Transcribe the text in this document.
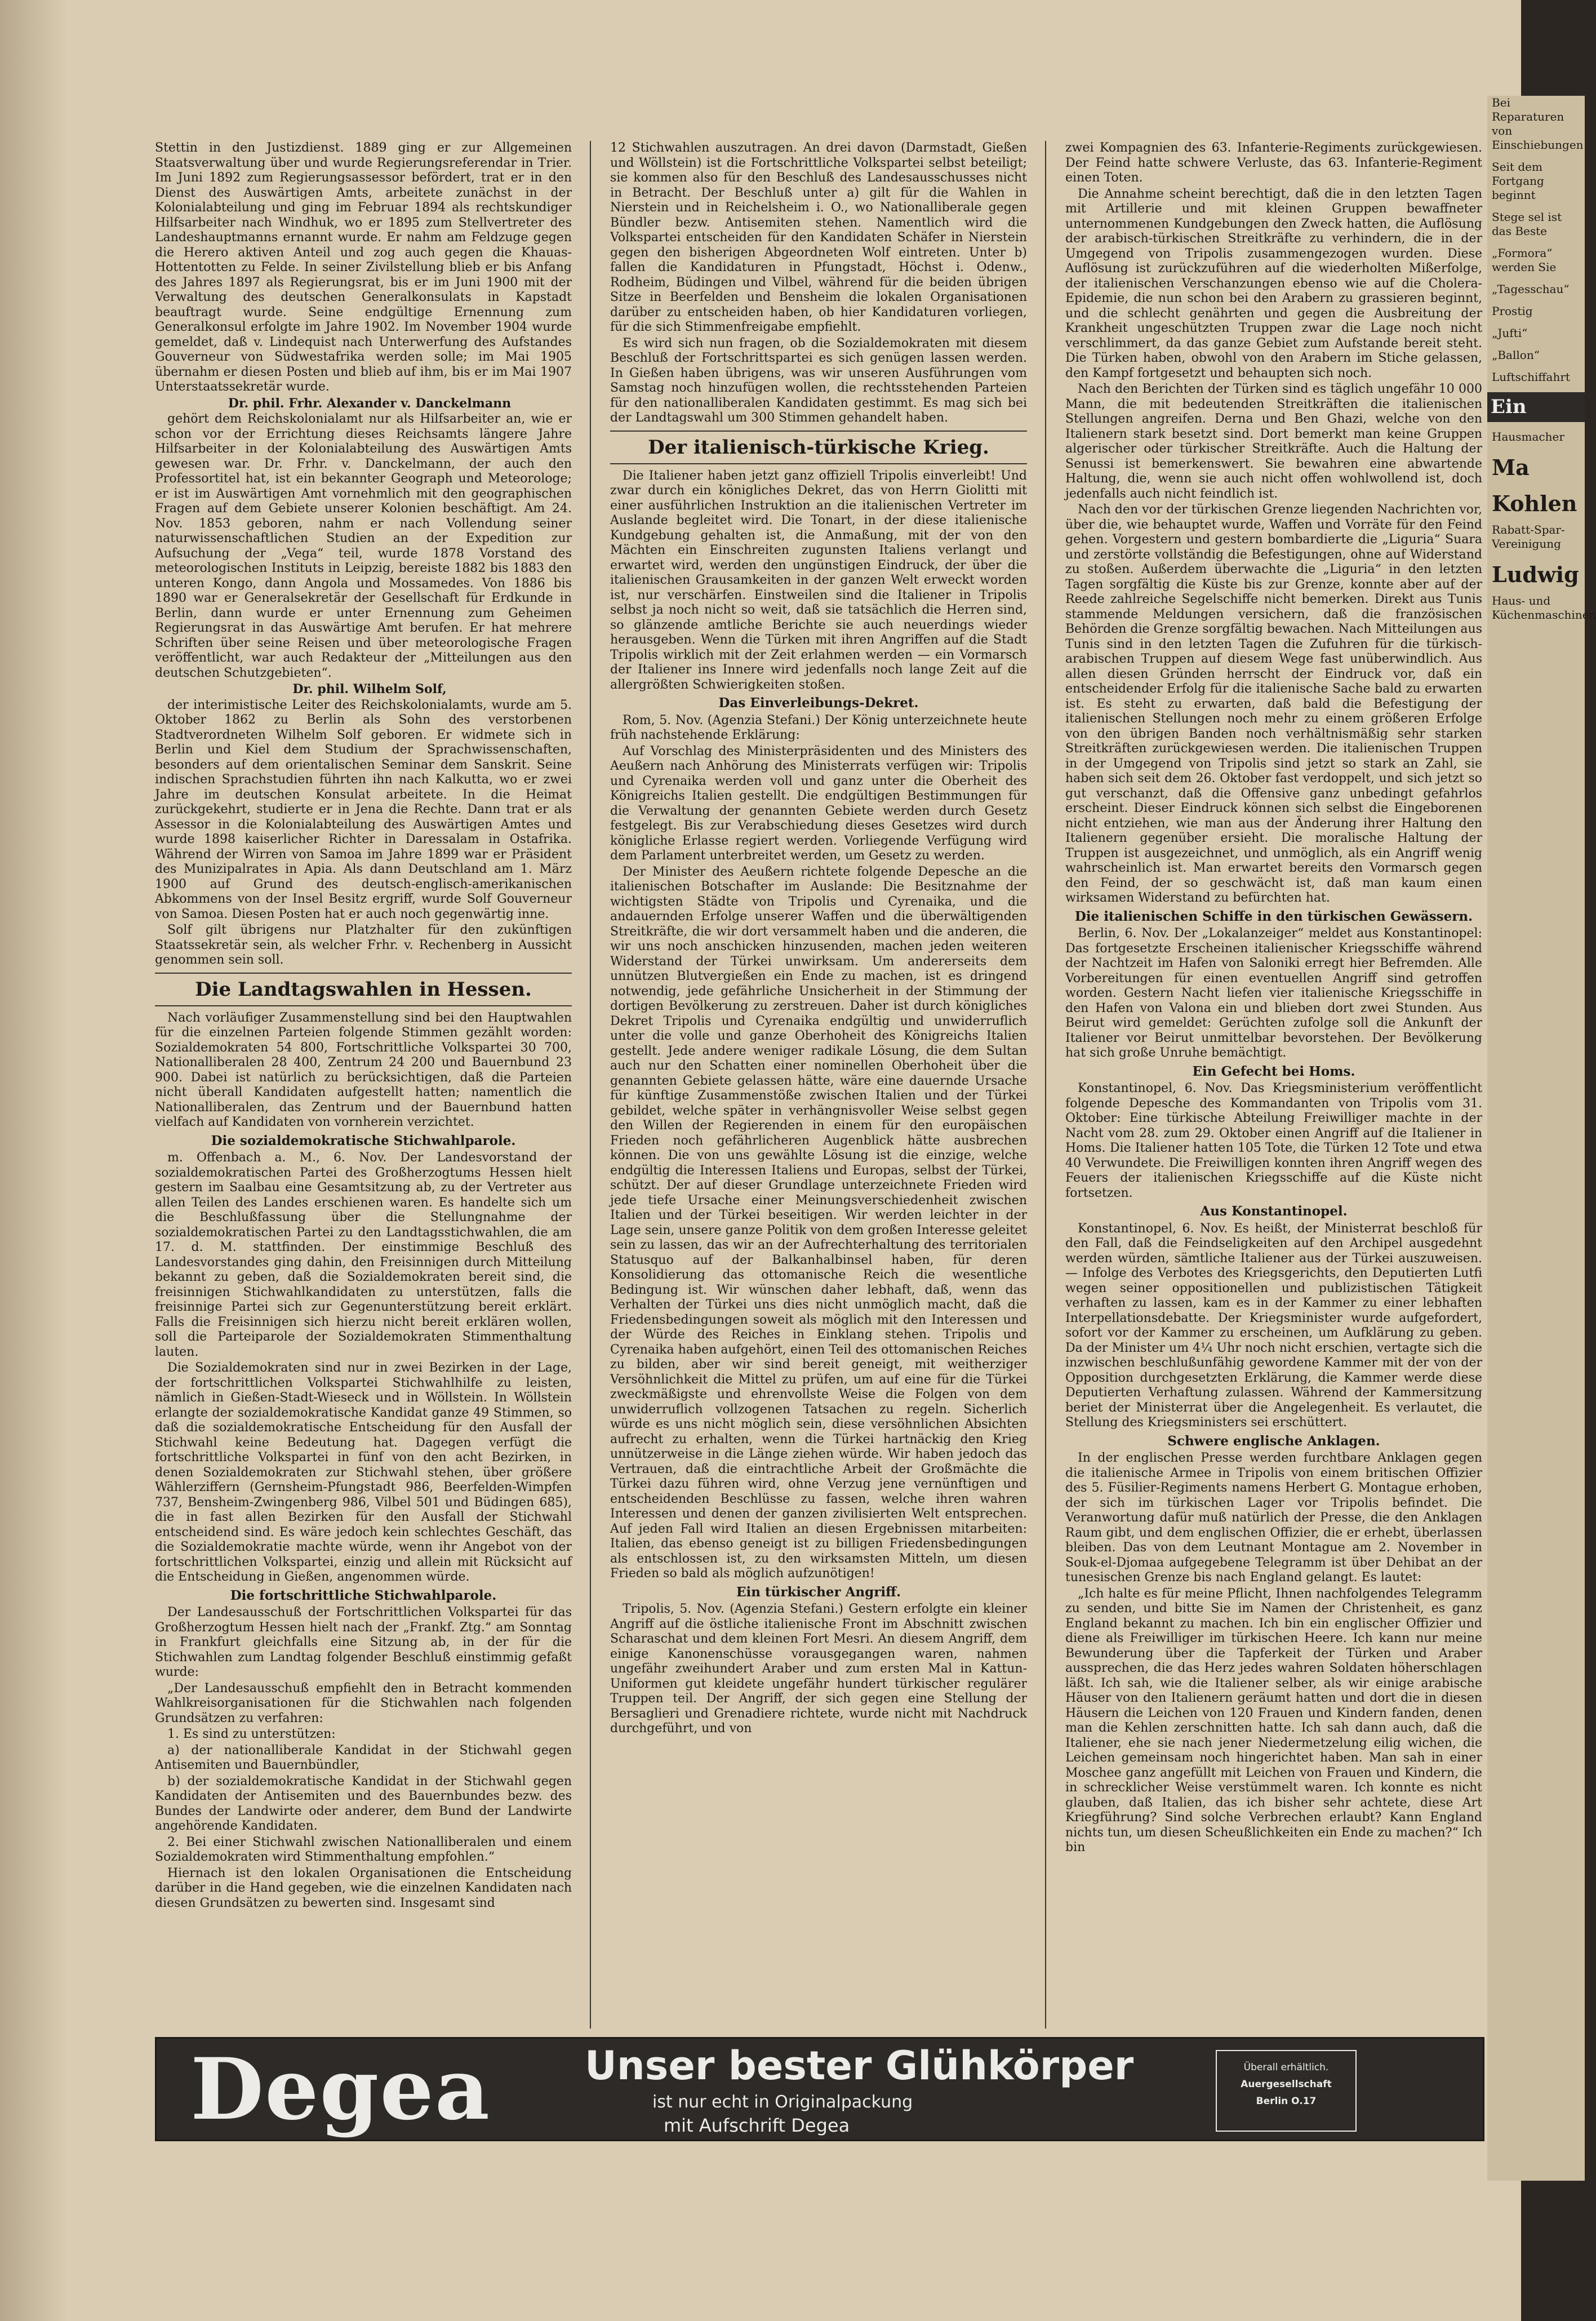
Stettin in den Justizdienst. 1889 ging er zur Allgemeinen Staatsverwaltung über und wurde Regierungsreferendar in Trier. Im Juni 1892 zum Regierungsassessor befördert, trat er in den Dienst des Auswärtigen Amts, arbeitete zunächst in der Kolonialabteilung und ging im Februar 1894 als rechtskundiger Hilfsarbeiter nach Windhuk, wo er 1895 zum Stellvertreter des Landeshauptmanns ernannt wurde. Er nahm am Feldzuge gegen die Herero aktiven Anteil und zog auch gegen die Khauas-Hottentotten zu Felde. In seiner Zivilstellung blieb er bis Anfang des Jahres 1897 als Regierungsrat, bis er im Juni 1900 mit der Verwaltung des deutschen Generalkonsulats in Kapstadt beauftragt wurde. Seine endgültige Ernennung zum Generalkonsul erfolgte im Jahre 1902. Im November 1904 wurde gemeldet, daß v. Lindequist nach Unterwerfung des Aufstandes Gouverneur von Südwestafrika werden solle; im Mai 1905 übernahm er diesen Posten und blieb auf ihm, bis er im Mai 1907 Unterstaatssekretär wurde.

Dr. phil. Frhr. Alexander v. Danckelmann

gehört dem Reichskolonialamt nur als Hilfsarbeiter an, wie er schon vor der Errichtung dieses Reichsamts längere Jahre Hilfsarbeiter in der Kolonialabteilung des Auswärtigen Amts gewesen war. Dr. Frhr. v. Danckelmann, der auch den Professortitel hat, ist ein bekannter Geograph und Meteorologe; er ist im Auswärtigen Amt vornehmlich mit den geographischen Fragen auf dem Gebiete unserer Kolonien beschäftigt. Am 24. Nov. 1853 geboren, nahm er nach Vollendung seiner naturwissenschaftlichen Studien an der Expedition zur Aufsuchung der „Vega“ teil, wurde 1878 Vorstand des meteorologischen Instituts in Leipzig, bereiste 1882 bis 1883 den unteren Kongo, dann Angola und Mossamedes. Von 1886 bis 1890 war er Generalsekretär der Gesellschaft für Erdkunde in Berlin, dann wurde er unter Ernennung zum Geheimen Regierungsrat in das Auswärtige Amt berufen. Er hat mehrere Schriften über seine Reisen und über meteorologische Fragen veröffentlicht, war auch Redakteur der „Mitteilungen aus den deutschen Schutzgebieten“.

Dr. phil. Wilhelm Solf,

der interimistische Leiter des Reichskolonialamts, wurde am 5. Oktober 1862 zu Berlin als Sohn des verstorbenen Stadtverordneten Wilhelm Solf geboren. Er widmete sich in Berlin und Kiel dem Studium der Sprachwissenschaften, besonders auf dem orientalischen Seminar dem Sanskrit. Seine indischen Sprachstudien führten ihn nach Kalkutta, wo er zwei Jahre im deutschen Konsulat arbeitete. In die Heimat zurückgekehrt, studierte er in Jena die Rechte. Dann trat er als Assessor in die Kolonialabteilung des Auswärtigen Amtes und wurde 1898 kaiserlicher Richter in Daressalam in Ostafrika. Während der Wirren von Samoa im Jahre 1899 war er Präsident des Munizipalrates in Apia. Als dann Deutschland am 1. März 1900 auf Grund des deutsch-englisch-amerikanischen Abkommens von der Insel Besitz ergriff, wurde Solf Gouverneur von Samoa. Diesen Posten hat er auch noch gegenwärtig inne.

Solf gilt übrigens nur Platzhalter für den zukünftigen Staatssekretär sein, als welcher Frhr. v. Rechenberg in Aussicht genommen sein soll.

Die Landtagswahlen in Hessen.

Nach vorläufiger Zusammenstellung sind bei den Hauptwahlen für die einzelnen Parteien folgende Stimmen gezählt worden: Sozialdemokraten 54 800, Fortschrittliche Volkspartei 30 700, Nationalliberalen 28 400, Zentrum 24 200 und Bauernbund 23 900. Dabei ist natürlich zu berücksichtigen, daß die Parteien nicht überall Kandidaten aufgestellt hatten; namentlich die Nationalliberalen, das Zentrum und der Bauernbund hatten vielfach auf Kandidaten von vornherein verzichtet.

Die sozialdemokratische Stichwahlparole.

m. Offenbach a. M., 6. Nov. Der Landesvorstand der sozialdemokratischen Partei des Großherzogtums Hessen hielt gestern im Saalbau eine Gesamtsitzung ab, zu der Vertreter aus allen Teilen des Landes erschienen waren. Es handelte sich um die Beschlußfassung über die Stellungnahme der sozialdemokratischen Partei zu den Landtagsstichwahlen, die am 17. d. M. stattfinden. Der einstimmige Beschluß des Landesvorstandes ging dahin, den Freisinnigen durch Mitteilung bekannt zu geben, daß die Sozialdemokraten bereit sind, die freisinnigen Stichwahlkandidaten zu unterstützen, falls die freisinnige Partei sich zur Gegenunterstützung bereit erklärt. Falls die Freisinnigen sich hierzu nicht bereit erklären wollen, soll die Parteiparole der Sozialdemokraten Stimmenthaltung lauten.

Die Sozialdemokraten sind nur in zwei Bezirken in der Lage, der fortschrittlichen Volkspartei Stichwahlhilfe zu leisten, nämlich in Gießen-Stadt-Wieseck und in Wöllstein. In Wöllstein erlangte der sozialdemokratische Kandidat ganze 49 Stimmen, so daß die sozialdemokratische Entscheidung für den Ausfall der Stichwahl keine Bedeutung hat. Dagegen verfügt die fortschrittliche Volkspartei in fünf von den acht Bezirken, in denen Sozialdemokraten zur Stichwahl stehen, über größere Wählerziffern (Gernsheim-Pfungstadt 986, Beerfelden-Wimpfen 737, Bensheim-Zwingenberg 986, Vilbel 501 und Büdingen 685), die in fast allen Bezirken für den Ausfall der Stichwahl entscheidend sind. Es wäre jedoch kein schlechtes Geschäft, das die Sozialdemokratie machte würde, wenn ihr Angebot von der fortschrittlichen Volkspartei, einzig und allein mit Rücksicht auf die Entscheidung in Gießen, angenommen würde.

Die fortschrittliche Stichwahlparole.

Der Landesausschuß der Fortschrittlichen Volkspartei für das Großherzogtum Hessen hielt nach der „Frankf. Ztg.“ am Sonntag in Frankfurt gleichfalls eine Sitzung ab, in der für die Stichwahlen zum Landtag folgender Beschluß einstimmig gefaßt wurde:

„Der Landesausschuß empfiehlt den in Betracht kommenden Wahlkreisorganisationen für die Stichwahlen nach folgenden Grundsätzen zu verfahren:

1. Es sind zu unterstützen:

a) der nationalliberale Kandidat in der Stichwahl gegen Antisemiten und Bauernbündler,

b) der sozialdemokratische Kandidat in der Stichwahl gegen Kandidaten der Antisemiten und des Bauernbundes bezw. des Bundes der Landwirte oder anderer, dem Bund der Landwirte angehörende Kandidaten.

2. Bei einer Stichwahl zwischen Nationalliberalen und einem Sozialdemokraten wird Stimmenthaltung empfohlen.“

Hiernach ist den lokalen Organisationen die Entscheidung darüber in die Hand gegeben, wie die einzelnen Kandidaten nach diesen Grundsätzen zu bewerten sind. Insgesamt sind

12 Stichwahlen auszutragen. An drei davon (Darmstadt, Gießen und Wöllstein) ist die Fortschrittliche Volkspartei selbst beteiligt; sie kommen also für den Beschluß des Landesausschusses nicht in Betracht. Der Beschluß unter a) gilt für die Wahlen in Nierstein und in Reichelsheim i. O., wo Nationalliberale gegen Bündler bezw. Antisemiten stehen. Namentlich wird die Volkspartei entscheiden für den Kandidaten Schäfer in Nierstein gegen den bisherigen Abgeordneten Wolf eintreten. Unter b) fallen die Kandidaturen in Pfungstadt, Höchst i. Odenw., Rodheim, Büdingen und Vilbel, während für die beiden übrigen Sitze in Beerfelden und Bensheim die lokalen Organisationen darüber zu entscheiden haben, ob hier Kandidaturen vorliegen, für die sich Stimmenfreigabe empfiehlt.

Es wird sich nun fragen, ob die Sozialdemokraten mit diesem Beschluß der Fortschrittspartei es sich genügen lassen werden. In Gießen haben übrigens, was wir unseren Ausführungen vom Samstag noch hinzufügen wollen, die rechtsstehenden Parteien für den nationalliberalen Kandidaten gestimmt. Es mag sich bei der Landtagswahl um 300 Stimmen gehandelt haben.

Der italienisch-türkische Krieg.

Die Italiener haben jetzt ganz offiziell Tripolis einverleibt! Und zwar durch ein königliches Dekret, das von Herrn Giolitti mit einer ausführlichen Instruktion an die italienischen Vertreter im Auslande begleitet wird. Die Tonart, in der diese italienische Kundgebung gehalten ist, die Anmaßung, mit der von den Mächten ein Einschreiten zugunsten Italiens verlangt und erwartet wird, werden den ungünstigen Eindruck, der über die italienischen Grausamkeiten in der ganzen Welt erweckt worden ist, nur verschärfen. Einstweilen sind die Italiener in Tripolis selbst ja noch nicht so weit, daß sie tatsächlich die Herren sind, so glänzende amtliche Berichte sie auch neuerdings wieder herausgeben. Wenn die Türken mit ihren Angriffen auf die Stadt Tripolis wirklich mit der Zeit erlahmen werden — ein Vormarsch der Italiener ins Innere wird jedenfalls noch lange Zeit auf die allergrößten Schwierigkeiten stoßen.

Das Einverleibungs-Dekret.

Rom, 5. Nov. (Agenzia Stefani.) Der König unterzeichnete heute früh nachstehende Erklärung:

Auf Vorschlag des Ministerpräsidenten und des Ministers des Aeußern nach Anhörung des Ministerrats verfügen wir: Tripolis und Cyrenaika werden voll und ganz unter die Oberheit des Königreichs Italien gestellt. Die endgültigen Bestimmungen für die Verwaltung der genannten Gebiete werden durch Gesetz festgelegt. Bis zur Verabschiedung dieses Gesetzes wird durch königliche Erlasse regiert werden. Vorliegende Verfügung wird dem Parlament unterbreitet werden, um Gesetz zu werden.

Der Minister des Aeußern richtete folgende Depesche an die italienischen Botschafter im Auslande: Die Besitznahme der wichtigsten Städte von Tripolis und Cyrenaika, und die andauernden Erfolge unserer Waffen und die überwältigenden Streitkräfte, die wir dort versammelt haben und die anderen, die wir uns noch anschicken hinzusenden, machen jeden weiteren Widerstand der Türkei unwirksam. Um andererseits dem unnützen Blutvergießen ein Ende zu machen, ist es dringend notwendig, jede gefährliche Unsicherheit in der Stimmung der dortigen Bevölkerung zu zerstreuen. Daher ist durch königliches Dekret Tripolis und Cyrenaika endgültig und unwiderruflich unter die volle und ganze Oberhoheit des Königreichs Italien gestellt. Jede andere weniger radikale Lösung, die dem Sultan auch nur den Schatten einer nominellen Oberhoheit über die genannten Gebiete gelassen hätte, wäre eine dauernde Ursache für künftige Zusammenstöße zwischen Italien und der Türkei gebildet, welche später in verhängnisvoller Weise selbst gegen den Willen der Regierenden in einem für den europäischen Frieden noch gefährlicheren Augenblick hätte ausbrechen können. Die von uns gewählte Lösung ist die einzige, welche endgültig die Interessen Italiens und Europas, selbst der Türkei, schützt. Der auf dieser Grundlage unterzeichnete Frieden wird jede tiefe Ursache einer Meinungsverschiedenheit zwischen Italien und der Türkei beseitigen. Wir werden leichter in der Lage sein, unsere ganze Politik von dem großen Interesse geleitet sein zu lassen, das wir an der Aufrechterhaltung des territorialen Statusquo auf der Balkanhalbinsel haben, für deren Konsolidierung das ottomanische Reich die wesentliche Bedingung ist. Wir wünschen daher lebhaft, daß, wenn das Verhalten der Türkei uns dies nicht unmöglich macht, daß die Friedensbedingungen soweit als möglich mit den Interessen und der Würde des Reiches in Einklang stehen. Tripolis und Cyrenaika haben aufgehört, einen Teil des ottomanischen Reiches zu bilden, aber wir sind bereit geneigt, mit weitherziger Versöhnlichkeit die Mittel zu prüfen, um auf eine für die Türkei zweckmäßigste und ehrenvollste Weise die Folgen von dem unwiderruflich vollzogenen Tatsachen zu regeln. Sicherlich würde es uns nicht möglich sein, diese versöhnlichen Absichten aufrecht zu erhalten, wenn die Türkei hartnäckig den Krieg unnützerweise in die Länge ziehen würde. Wir haben jedoch das Vertrauen, daß die eintrachtliche Arbeit der Großmächte die Türkei dazu führen wird, ohne Verzug jene vernünftigen und entscheidenden Beschlüsse zu fassen, welche ihren wahren Interessen und denen der ganzen zivilisierten Welt entsprechen. Auf jeden Fall wird Italien an diesen Ergebnissen mitarbeiten: Italien, das ebenso geneigt ist zu billigen Friedensbedingungen als entschlossen ist, zu den wirksamsten Mitteln, um diesen Frieden so bald als möglich aufzunötigen!

Ein türkischer Angriff.

Tripolis, 5. Nov. (Agenzia Stefani.) Gestern erfolgte ein kleiner Angriff auf die östliche italienische Front im Abschnitt zwischen Scharaschat und dem kleinen Fort Mesri. An diesem Angriff, dem einige Kanonenschüsse vorausgegangen waren, nahmen ungefähr zweihundert Araber und zum ersten Mal in Kattun-Uniformen gut kleidete ungefähr hundert türkischer regulärer Truppen teil. Der Angriff, der sich gegen eine Stellung der Bersaglieri und Grenadiere richtete, wurde nicht mit Nachdruck durchgeführt, und von

zwei Kompagnien des 63. Infanterie-Regiments zurückgewiesen. Der Feind hatte schwere Verluste, das 63. Infanterie-Regiment einen Toten.

Die Annahme scheint berechtigt, daß die in den letzten Tagen mit Artillerie und mit kleinen Gruppen bewaffneter unternommenen Kundgebungen den Zweck hatten, die Auflösung der arabisch-türkischen Streitkräfte zu verhindern, die in der Umgegend von Tripolis zusammengezogen wurden. Diese Auflösung ist zurückzuführen auf die wiederholten Mißerfolge, der italienischen Verschanzungen ebenso wie auf die Cholera-Epidemie, die nun schon bei den Arabern zu grassieren beginnt, und die schlecht genährten und gegen die Ausbreitung der Krankheit ungeschützten Truppen zwar die Lage noch nicht verschlimmert, da das ganze Gebiet zum Aufstande bereit steht. Die Türken haben, obwohl von den Arabern im Stiche gelassen, den Kampf fortgesetzt und behaupten sich noch.

Nach den Berichten der Türken sind es täglich ungefähr 10 000 Mann, die mit bedeutenden Streitkräften die italienischen Stellungen angreifen. Derna und Ben Ghazi, welche von den Italienern stark besetzt sind. Dort bemerkt man keine Gruppen algerischer oder türkischer Streitkräfte. Auch die Haltung der Senussi ist bemerkenswert. Sie bewahren eine abwartende Haltung, die, wenn sie auch nicht offen wohlwollend ist, doch jedenfalls auch nicht feindlich ist.

Nach den vor der türkischen Grenze liegenden Nachrichten vor, über die, wie behauptet wurde, Waffen und Vorräte für den Feind gehen. Vorgestern und gestern bombardierte die „Liguria“ Suara und zerstörte vollständig die Befestigungen, ohne auf Widerstand zu stoßen. Außerdem überwachte die „Liguria“ in den letzten Tagen sorgfältig die Küste bis zur Grenze, konnte aber auf der Reede zahlreiche Segelschiffe nicht bemerken. Direkt aus Tunis stammende Meldungen versichern, daß die französischen Behörden die Grenze sorgfältig bewachen. Nach Mitteilungen aus Tunis sind in den letzten Tagen die Zufuhren für die türkisch-arabischen Truppen auf diesem Wege fast unüberwindlich. Aus allen diesen Gründen herrscht der Eindruck vor, daß ein entscheidender Erfolg für die italienische Sache bald zu erwarten ist. Es steht zu erwarten, daß bald die Befestigung der italienischen Stellungen noch mehr zu einem größeren Erfolge von den übrigen Banden noch verhältnismäßig sehr starken Streitkräften zurückgewiesen werden. Die italienischen Truppen in der Umgegend von Tripolis sind jetzt so stark an Zahl, sie haben sich seit dem 26. Oktober fast verdoppelt, und sich jetzt so gut verschanzt, daß die Offensive ganz unbedingt gefahrlos erscheint. Dieser Eindruck können sich selbst die Eingeborenen nicht entziehen, wie man aus der Änderung ihrer Haltung den Italienern gegenüber ersieht. Die moralische Haltung der Truppen ist ausgezeichnet, und unmöglich, als ein Angriff wenig wahrscheinlich ist. Man erwartet bereits den Vormarsch gegen den Feind, der so geschwächt ist, daß man kaum einen wirksamen Widerstand zu befürchten hat.

Die italienischen Schiffe in den türkischen Gewässern.

Berlin, 6. Nov. Der „Lokalanzeiger“ meldet aus Konstantinopel: Das fortgesetzte Erscheinen italienischer Kriegsschiffe während der Nachtzeit im Hafen von Saloniki erregt hier Befremden. Alle Vorbereitungen für einen eventuellen Angriff sind getroffen worden. Gestern Nacht liefen vier italienische Kriegsschiffe in den Hafen von Valona ein und blieben dort zwei Stunden. Aus Beirut wird gemeldet: Gerüchten zufolge soll die Ankunft der Italiener vor Beirut unmittelbar bevorstehen. Der Bevölkerung hat sich große Unruhe bemächtigt.

Ein Gefecht bei Homs.

Konstantinopel, 6. Nov. Das Kriegsministerium veröffentlicht folgende Depesche des Kommandanten von Tripolis vom 31. Oktober: Eine türkische Abteilung Freiwilliger machte in der Nacht vom 28. zum 29. Oktober einen Angriff auf die Italiener in Homs. Die Italiener hatten 105 Tote, die Türken 12 Tote und etwa 40 Verwundete. Die Freiwilligen konnten ihren Angriff wegen des Feuers der italienischen Kriegsschiffe auf die Küste nicht fortsetzen.

Aus Konstantinopel.

Konstantinopel, 6. Nov. Es heißt, der Ministerrat beschloß für den Fall, daß die Feindseligkeiten auf den Archipel ausgedehnt werden würden, sämtliche Italiener aus der Türkei auszuweisen. — Infolge des Verbotes des Kriegsgerichts, den Deputierten Lutfi wegen seiner oppositionellen und publizistischen Tätigkeit verhaften zu lassen, kam es in der Kammer zu einer lebhaften Interpellationsdebatte. Der Kriegsminister wurde aufgefordert, sofort vor der Kammer zu erscheinen, um Aufklärung zu geben. Da der Minister um 4¼ Uhr noch nicht erschien, vertagte sich die inzwischen beschlußunfähig gewordene Kammer mit der von der Opposition durchgesetzten Erklärung, die Kammer werde diese Deputierten Verhaftung zulassen. Während der Kammersitzung beriet der Ministerrat über die Angelegenheit. Es verlautet, die Stellung des Kriegsministers sei erschüttert.

Schwere englische Anklagen.

In der englischen Presse werden furchtbare Anklagen gegen die italienische Armee in Tripolis von einem britischen Offizier des 5. Füsilier-Regiments namens Herbert G. Montague erhoben, der sich im türkischen Lager vor Tripolis befindet. Die Veranwortung dafür muß natürlich der Presse, die den Anklagen Raum gibt, und dem englischen Offizier, die er erhebt, überlassen bleiben. Das von dem Leutnant Montague am 2. November in Souk-el-Djomaa aufgegebene Telegramm ist über Dehibat an der tunesischen Grenze bis nach England gelangt. Es lautet:

„Ich halte es für meine Pflicht, Ihnen nachfolgendes Telegramm zu senden, und bitte Sie im Namen der Christenheit, es ganz England bekannt zu machen. Ich bin ein englischer Offizier und diene als Freiwilliger im türkischen Heere. Ich kann nur meine Bewunderung über die Tapferkeit der Türken und Araber aussprechen, die das Herz jedes wahren Soldaten höherschlagen läßt. Ich sah, wie die Italiener selber, als wir einige arabische Häuser von den Italienern geräumt hatten und dort die in diesen Häusern die Leichen von 120 Frauen und Kindern fanden, denen man die Kehlen zerschnitten hatte. Ich sah dann auch, daß die Italiener, ehe sie nach jener Niedermetzelung eilig wichen, die Leichen gemeinsam noch hingerichtet haben. Man sah in einer Moschee ganz angefüllt mit Leichen von Frauen und Kindern, die in schrecklicher Weise verstümmelt waren. Ich konnte es nicht glauben, daß Italien, das ich bisher sehr achtete, diese Art Kriegführung? Sind solche Verbrechen erlaubt? Kann England nichts tun, um diesen Scheußlichkeiten ein Ende zu machen?“ Ich bin

Degea Unser bester Glühkörper
ist nur echt in Originalpackung
mit Aufschrift Degea
Überall erhältlich.
Auergesellschaft
Berlin O.17
Bei Reparaturen von Einschiebungen
Seit dem Fortgang beginnt
Stege sel ist das Beste
„Formora“ werden Sie
„Tagesschau“
Prostig
„Jufti“
„Ballon“
Luftschiffahrt
Ein
Hausmacher
Ma
Kohlen
Rabatt-Spar-Vereinigung
Ludwig
Haus- und Küchenmaschinen
